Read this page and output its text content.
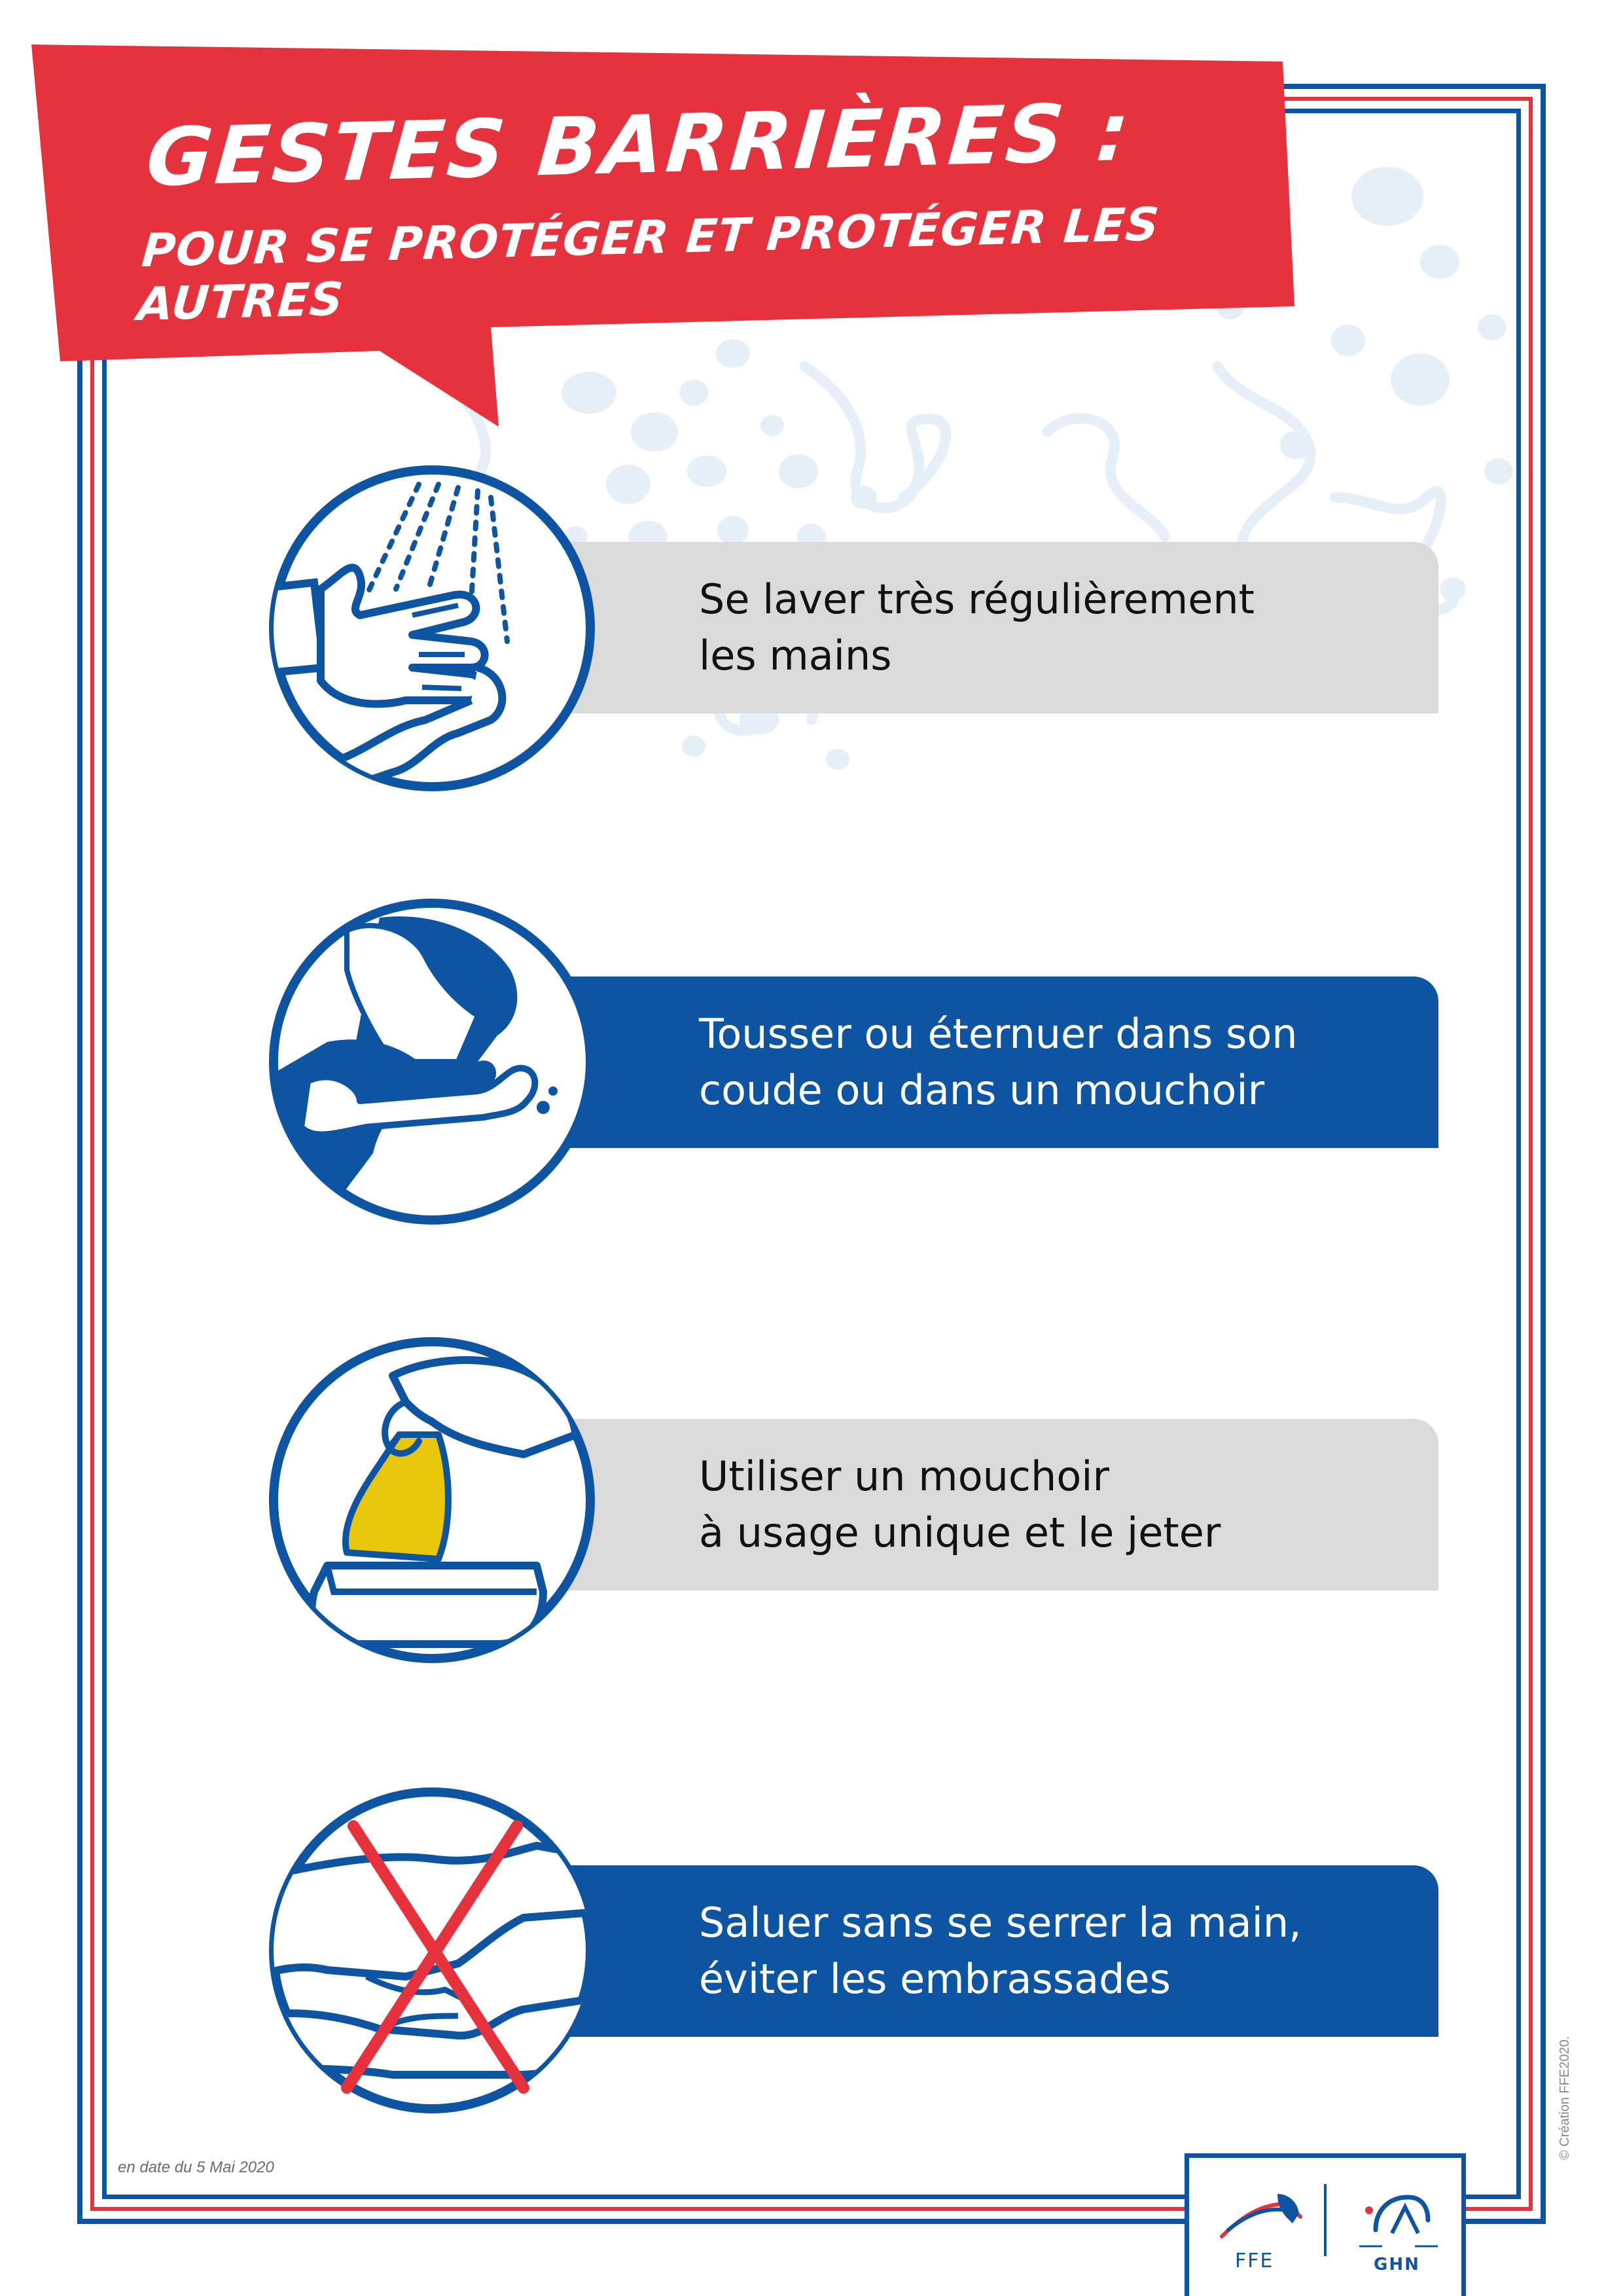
GESTES BARRIÈRES :
POUR SE PROTÉGER ET PROTÉGER LES AUTRES
Se laver très régulièrement
les mains
Tousser ou éternuer dans son
coude ou dans un mouchoir
Utiliser un mouchoir
à usage unique et le jeter
Saluer sans se serrer la main,
éviter les embrassades
en date du 5 Mai 2020
© Création FFE2020.
FFE	GHN
